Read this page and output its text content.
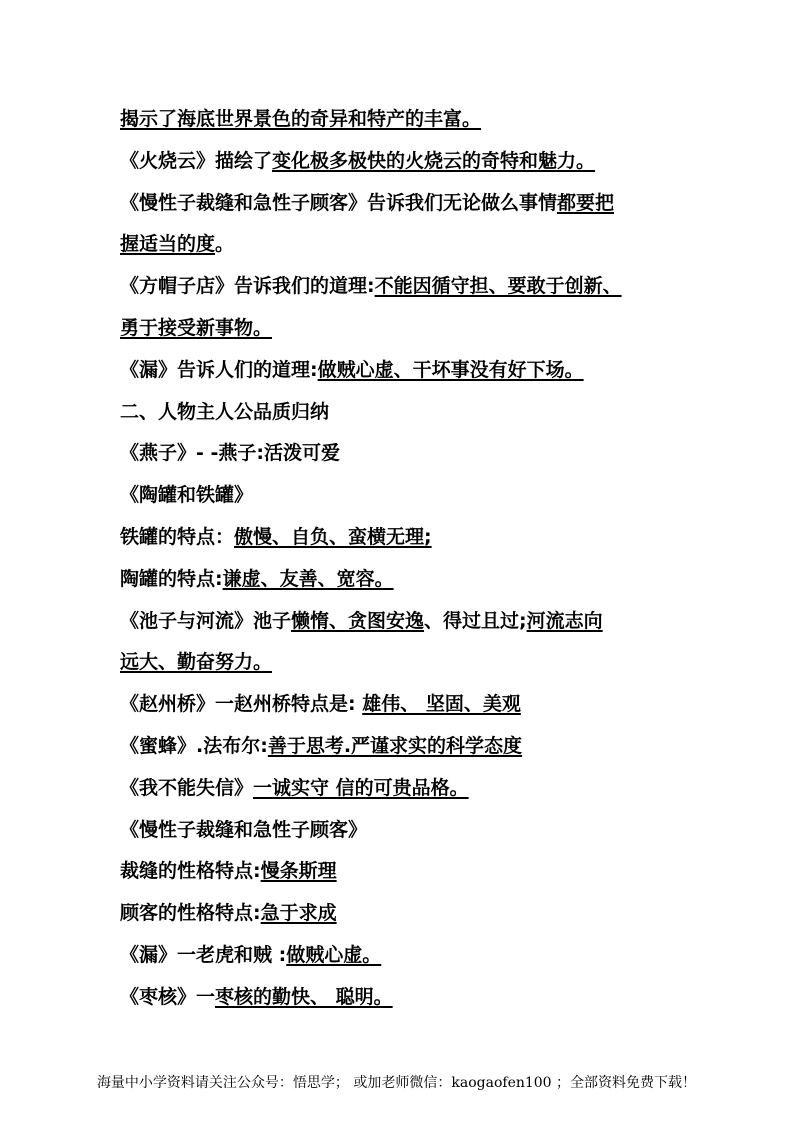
揭示了海底世界景色的奇异和特产的丰富。
《火烧云》描绘了变化极多极快的火烧云的奇特和魅力。
《慢性子裁缝和急性子顾客》告诉我们无论做么事情都要把
握适当的度。
《方帽子店》告诉我们的道理:不能因循守担、要敢于创新、
勇于接受新事物。
《漏》告诉人们的道理:做贼心虚、干坏事没有好下场。
二、人物主人公品质归纳
《燕子》- -燕子:活泼可爱
《陶罐和铁罐》
铁罐的特点：傲慢、自负、蛮横无理;
陶罐的特点:谦虚、友善、宽容。
《池子与河流》池子懒惰、贪图安逸、得过且过;河流志向
远大、勤奋努力。
《赵州桥》一赵州桥特点是: 雄伟、 坚固、美观
《蜜蜂》.法布尔:善于思考.严谨求实的科学态度
《我不能失信》一诚实守 信的可贵品格。
《慢性子裁缝和急性子顾客》
裁缝的性格特点:慢条斯理
顾客的性格特点:急于求成
《漏》一老虎和贼 :做贼心虚。
《枣核》一枣核的勤快、 聪明。
海量中小学资料请关注公众号：悟思学； 或加老师微信：kaogaofen100 ；全部资料免费下载！
